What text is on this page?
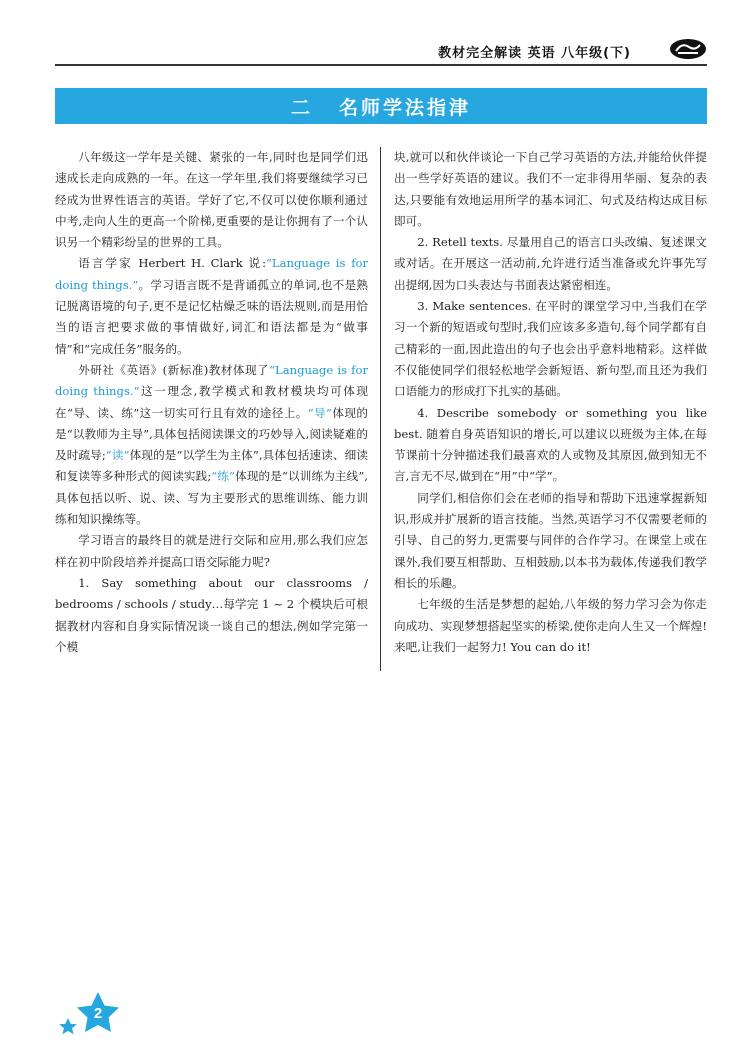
教材完全解读 英语 八年级(下)
二 名师学法指津

八年级这一学年是关键、紧张的一年,同时也是同学们迅速成长走向成熟的一年。在这一学年里,我们将要继续学习已经成为世界性语言的英语。学好了它,不仅可以使你顺利通过中考,走向人生的更高一个阶梯,更重要的是让你拥有了一个认识另一个精彩纷呈的世界的工具。

语言学家 Herbert H. Clark 说:“Language is for doing things.”。学习语言既不是背诵孤立的单词,也不是熟记脱离语境的句子,更不是记忆枯燥乏味的语法规则,而是用恰当的语言把要求做的事情做好,词汇和语法都是为“做事情”和“完成任务”服务的。

外研社《英语》(新标准)教材体现了“Language is for doing things.”这一理念,教学模式和教材模块均可体现在“导、读、练”这一切实可行且有效的途径上。“导”体现的是“以教师为主导”,具体包括阅读课文的巧妙导入,阅读疑难的及时疏导;“读”体现的是“以学生为主体”,具体包括速读、细读和复读等多种形式的阅读实践;“练”体现的是“以训练为主线”,具体包括以听、说、读、写为主要形式的思维训练、能力训练和知识操练等。

学习语言的最终目的就是进行交际和应用,那么我们应怎样在初中阶段培养并提高口语交际能力呢?

1. Say something about our classrooms / bedrooms / schools / study…每学完 1 ~ 2 个模块后可根据教材内容和自身实际情况谈一谈自己的想法,例如学完第一个模

块,就可以和伙伴谈论一下自己学习英语的方法,并能给伙伴提出一些学好英语的建议。我们不一定非得用华丽、复杂的表达,只要能有效地运用所学的基本词汇、句式及结构达成目标即可。

2. Retell texts. 尽量用自己的语言口头改编、复述课文或对话。在开展这一活动前,允许进行适当准备或允许事先写出提纲,因为口头表达与书面表达紧密相连。

3. Make sentences. 在平时的课堂学习中,当我们在学习一个新的短语或句型时,我们应该多多造句,每个同学都有自己精彩的一面,因此造出的句子也会出乎意料地精彩。这样做不仅能使同学们很轻松地学会新短语、新句型,而且还为我们口语能力的形成打下扎实的基础。

4. Describe somebody or something you like best. 随着自身英语知识的增长,可以建议以班级为主体,在每节课前十分钟描述我们最喜欢的人或物及其原因,做到知无不言,言无不尽,做到在“用”中“学”。

同学们,相信你们会在老师的指导和帮助下迅速掌握新知识,形成并扩展新的语言技能。当然,英语学习不仅需要老师的引导、自己的努力,更需要与同伴的合作学习。在课堂上或在课外,我们要互相帮助、互相鼓励,以本书为载体,传递我们教学相长的乐趣。

七年级的生活是梦想的起始,八年级的努力学习会为你走向成功、实现梦想搭起坚实的桥梁,使你走向人生又一个辉煌!来吧,让我们一起努力! You can do it!

2
